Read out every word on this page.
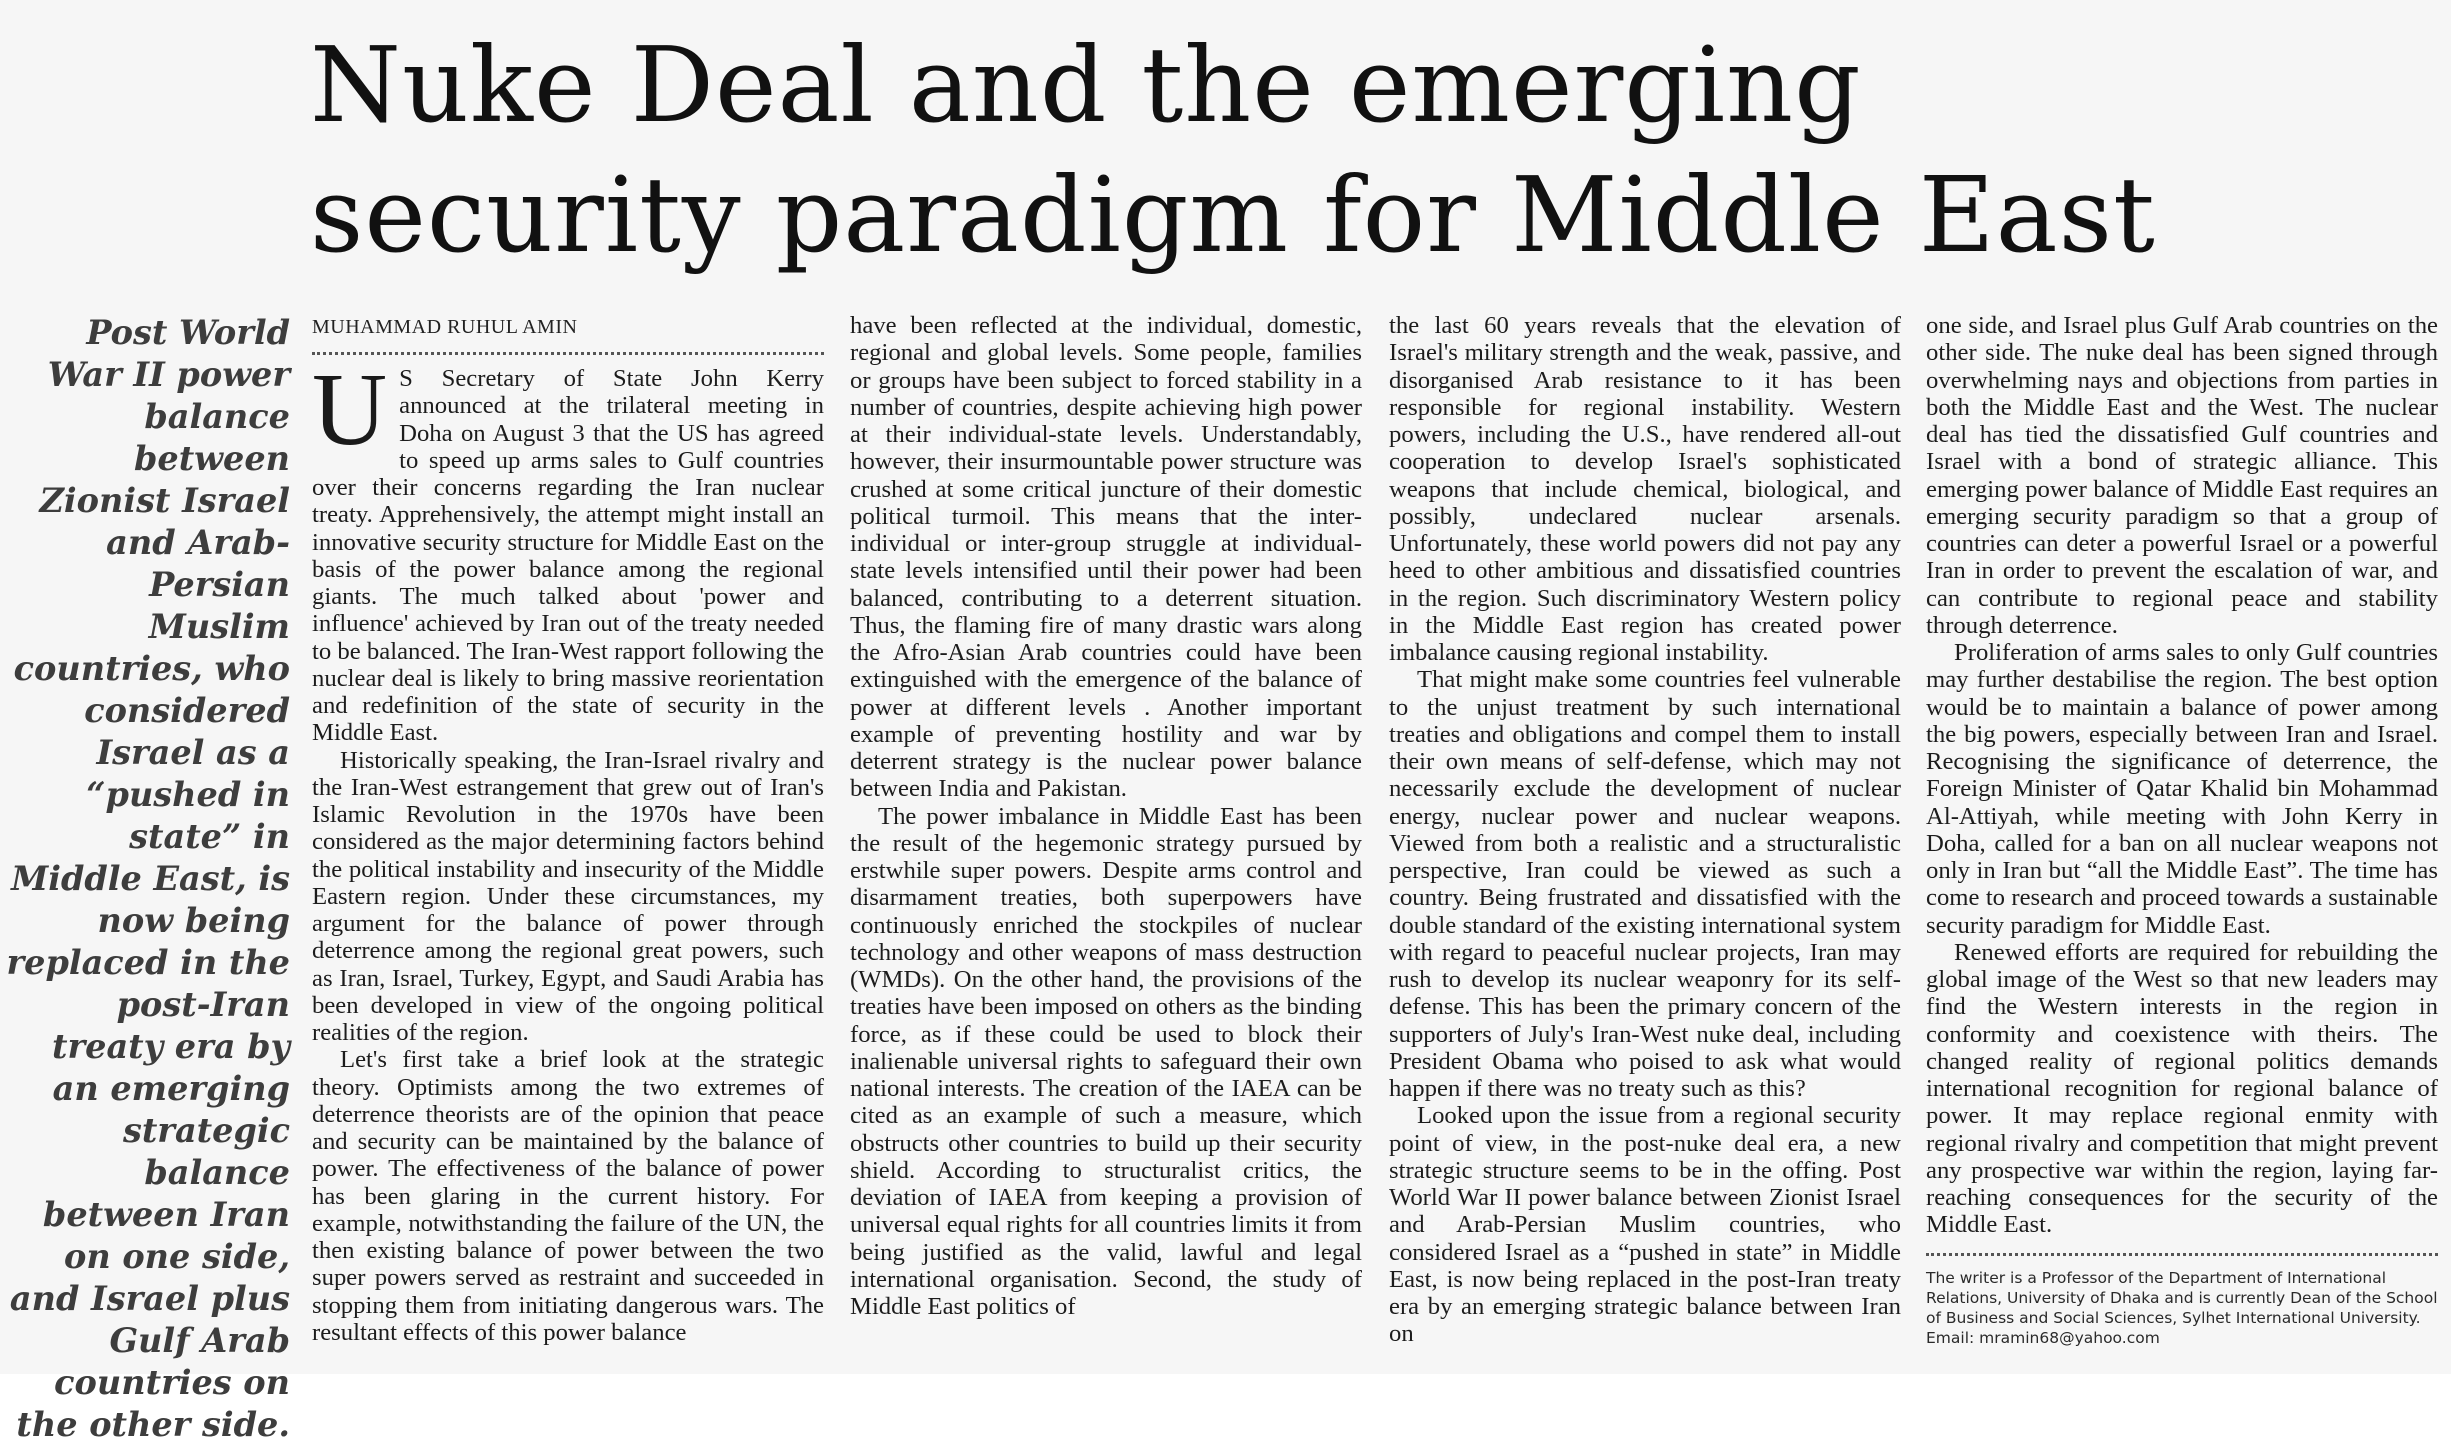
Nuke Deal and the emerging
security paradigm for Middle East
Post World War II power balance between Zionist Israel and Arab-Persian Muslim countries, who considered Israel as a “pushed in state” in Middle East, is now being replaced in the post-Iran treaty era by an emerging strategic balance between Iran on one side, and Israel plus Gulf Arab countries on the other side.
MUHAMMAD RUHUL AMIN

U S Secretary of State John Kerry announced at the trilateral meeting in Doha on August 3 that the US has agreed to speed up arms sales to Gulf countries over their concerns regarding the Iran nuclear treaty. Apprehensively, the attempt might install an innovative security structure for Middle East on the basis of the power balance among the regional giants. The much talked about 'power and influence' achieved by Iran out of the treaty needed to be balanced. The Iran-West rapport following the nuclear deal is likely to bring massive reorientation and redefinition of the state of security in the Middle East.

Historically speaking, the Iran-Israel rivalry and the Iran-West estrangement that grew out of Iran's Islamic Revolution in the 1970s have been considered as the major determining factors behind the political instability and insecurity of the Middle Eastern region. Under these circumstances, my argument for the balance of power through deterrence among the regional great powers, such as Iran, Israel, Turkey, Egypt, and Saudi Arabia has been developed in view of the ongoing political realities of the region.

Let's first take a brief look at the strategic theory. Optimists among the two extremes of deterrence theorists are of the opinion that peace and security can be maintained by the balance of power. The effectiveness of the balance of power has been glaring in the current history. For example, notwithstanding the failure of the UN, the then existing balance of power between the two super powers served as restraint and succeeded in stopping them from initiating dangerous wars. The resultant effects of this power balance

have been reflected at the individual, domestic, regional and global levels. Some people, families or groups have been subject to forced stability in a number of countries, despite achieving high power at their individual-state levels. Understandably, however, their insurmountable power structure was crushed at some critical juncture of their domestic political turmoil. This means that the inter-individual or inter-group struggle at individual-state levels intensified until their power had been balanced, contributing to a deterrent situation. Thus, the flaming fire of many drastic wars along the Afro-Asian Arab countries could have been extinguished with the emergence of the balance of power at different levels . Another important example of preventing hostility and war by deterrent strategy is the nuclear power balance between India and Pakistan.

The power imbalance in Middle East has been the result of the hegemonic strategy pursued by erstwhile super powers. Despite arms control and disarmament treaties, both superpowers have continuously enriched the stockpiles of nuclear technology and other weapons of mass destruction (WMDs). On the other hand, the provisions of the treaties have been imposed on others as the binding force, as if these could be used to block their inalienable universal rights to safeguard their own national interests. The creation of the IAEA can be cited as an example of such a measure, which obstructs other countries to build up their security shield. According to structuralist critics, the deviation of IAEA from keeping a provision of universal equal rights for all countries limits it from being justified as the valid, lawful and legal international organisation. Second, the study of Middle East politics of

the last 60 years reveals that the elevation of Israel's military strength and the weak, passive, and disorganised Arab resistance to it has been responsible for regional instability. Western powers, including the U.S., have rendered all-out cooperation to develop Israel's sophisticated weapons that include chemical, biological, and possibly, undeclared nuclear arsenals. Unfortunately, these world powers did not pay any heed to other ambitious and dissatisfied countries in the region. Such discriminatory Western policy in the Middle East region has created power imbalance causing regional instability.

That might make some countries feel vulnerable to the unjust treatment by such international treaties and obligations and compel them to install their own means of self-defense, which may not necessarily exclude the development of nuclear energy, nuclear power and nuclear weapons. Viewed from both a realistic and a structuralistic perspective, Iran could be viewed as such a country. Being frustrated and dissatisfied with the double standard of the existing international system with regard to peaceful nuclear projects, Iran may rush to develop its nuclear weaponry for its self-defense. This has been the primary concern of the supporters of July's Iran-West nuke deal, including President Obama who poised to ask what would happen if there was no treaty such as this?

Looked upon the issue from a regional security point of view, in the post-nuke deal era, a new strategic structure seems to be in the offing. Post World War II power balance between Zionist Israel and Arab-Persian Muslim countries, who considered Israel as a “pushed in state” in Middle East, is now being replaced in the post-Iran treaty era by an emerging strategic balance between Iran on

one side, and Israel plus Gulf Arab countries on the other side. The nuke deal has been signed through overwhelming nays and objections from parties in both the Middle East and the West. The nuclear deal has tied the dissatisfied Gulf countries and Israel with a bond of strategic alliance. This emerging power balance of Middle East requires an emerging security paradigm so that a group of countries can deter a powerful Israel or a powerful Iran in order to prevent the escalation of war, and can contribute to regional peace and stability through deterrence.

Proliferation of arms sales to only Gulf countries may further destabilise the region. The best option would be to maintain a balance of power among the big powers, especially between Iran and Israel. Recognising the significance of deterrence, the Foreign Minister of Qatar Khalid bin Mohammad Al-Attiyah, while meeting with John Kerry in Doha, called for a ban on all nuclear weapons not only in Iran but “all the Middle East”. The time has come to research and proceed towards a sustainable security paradigm for Middle East.

Renewed efforts are required for rebuilding the global image of the West so that new leaders may find the Western interests in the region in conformity and coexistence with theirs. The changed reality of regional politics demands international recognition for regional balance of power. It may replace regional enmity with regional rivalry and competition that might prevent any prospective war within the region, laying far-reaching consequences for the security of the Middle East.

The writer is a Professor of the Department of International Relations, University of Dhaka and is currently Dean of the School of Business and Social Sciences, Sylhet International University. Email: mramin68@yahoo.com
